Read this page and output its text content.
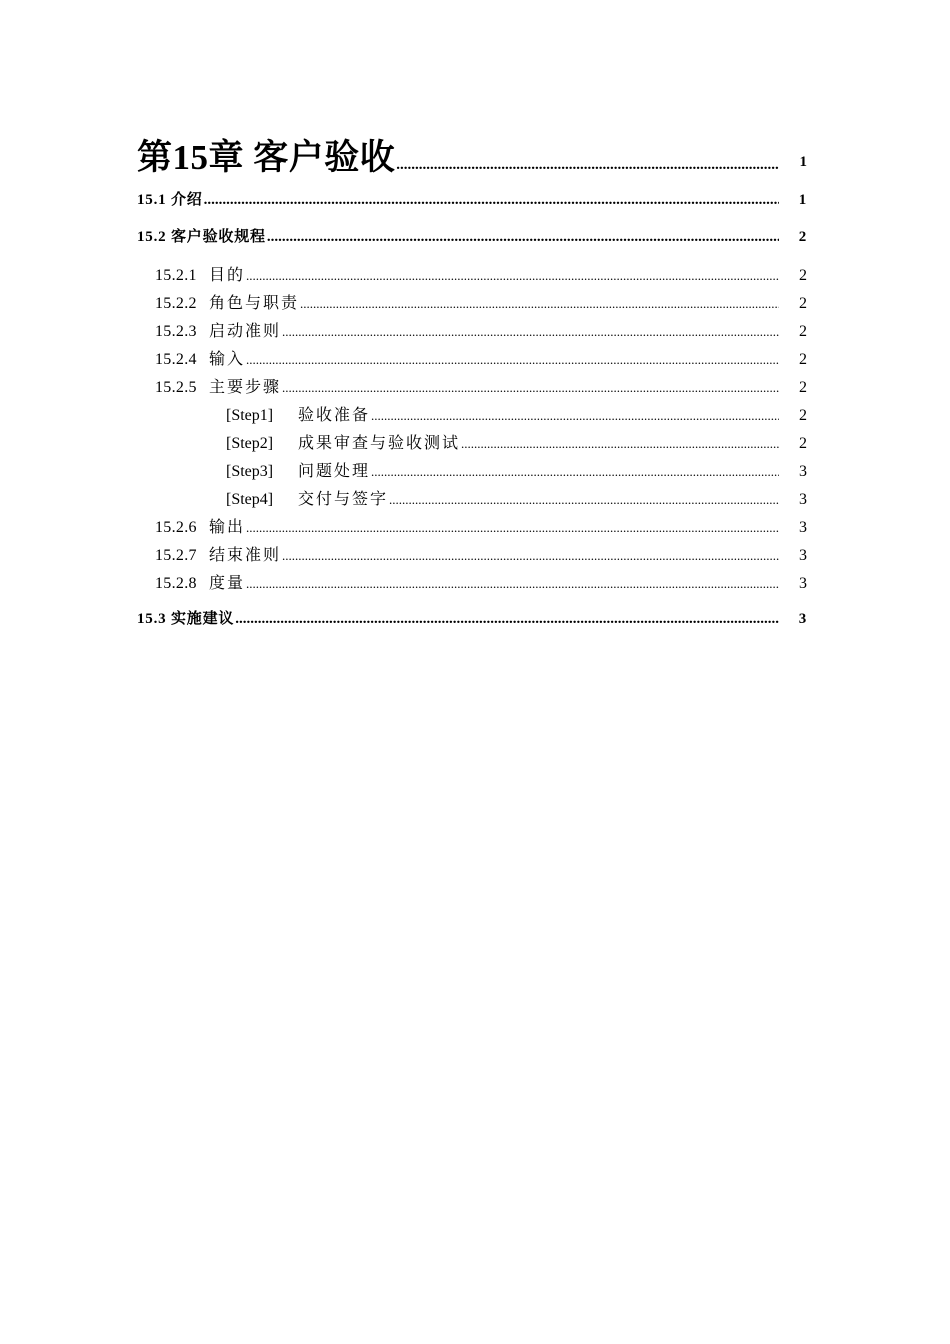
第15章 客户验收 .....	1
15.1 介绍 .....	1
15.2 客户验收规程 .....	2
15.2.1 目的 .....	2
15.2.2 角色与职责 .....	2
15.2.3 启动准则 .....	2
15.2.4 输入 .....	2
15.2.5 主要步骤 .....	2
[Step1] 验收准备 .....	2
[Step2] 成果审查与验收测试 .....	2
[Step3] 问题处理 .....	3
[Step4] 交付与签字 .....	3
15.2.6 输出 .....	3
15.2.7 结束准则 .....	3
15.2.8 度量 .....	3
15.3 实施建议 .....	3
